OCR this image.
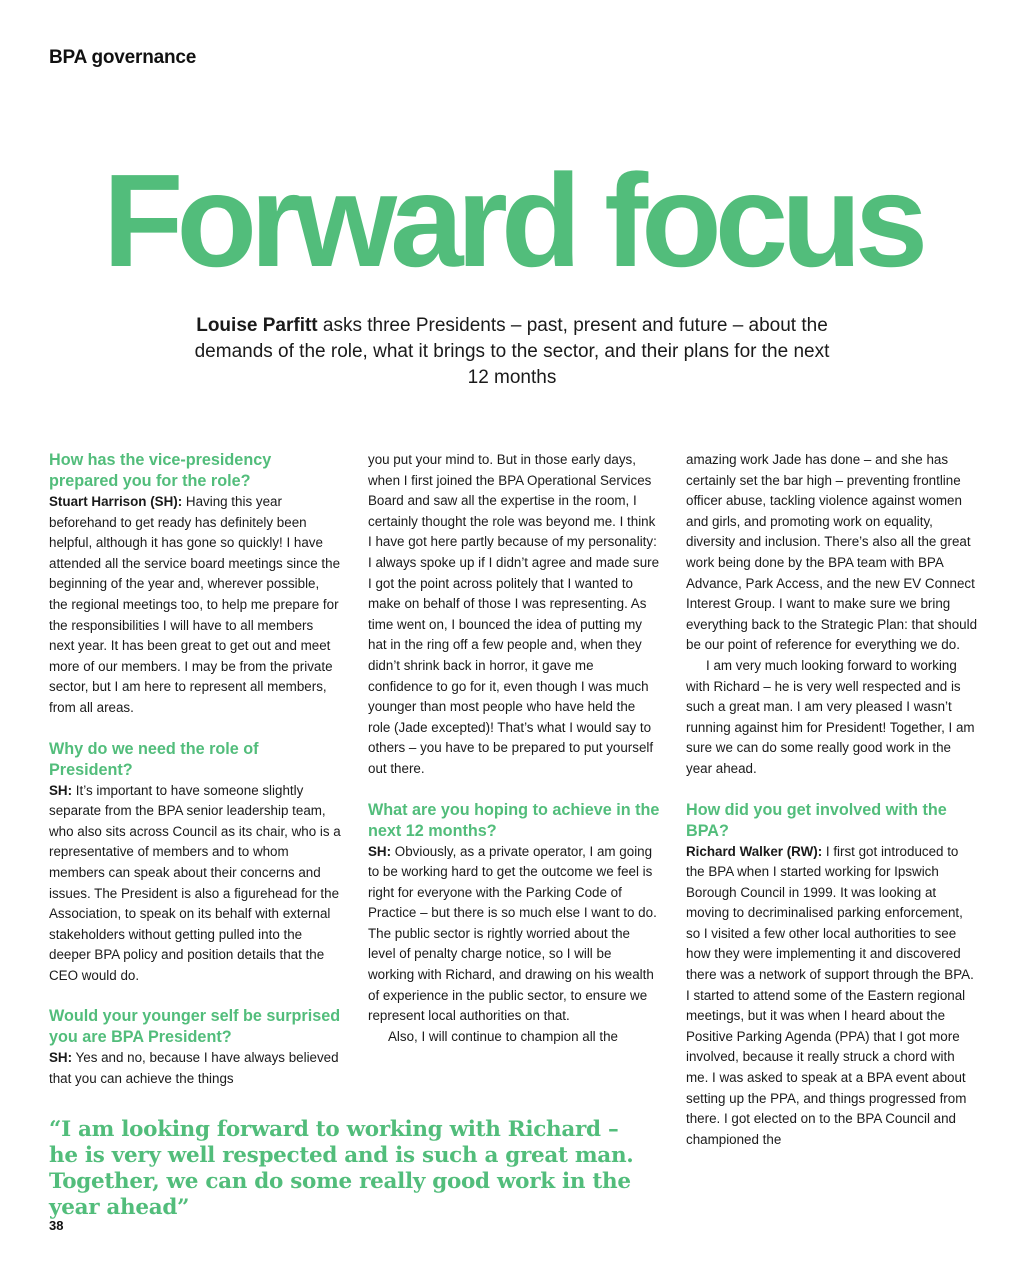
BPA governance
Forward focus
Louise Parfitt asks three Presidents – past, present and future – about the demands of the role, what it brings to the sector, and their plans for the next 12 months
How has the vice-presidency prepared you for the role?

Stuart Harrison (SH): Having this year beforehand to get ready has definitely been helpful, although it has gone so quickly! I have attended all the service board meetings since the beginning of the year and, wherever possible, the regional meetings too, to help me prepare for the responsibilities I will have to all members next year. It has been great to get out and meet more of our members. I may be from the private sector, but I am here to represent all members, from all areas.

Why do we need the role of President?

SH: It’s important to have someone slightly separate from the BPA senior leadership team, who also sits across Council as its chair, who is a representative of members and to whom members can speak about their concerns and issues. The President is also a figurehead for the Association, to speak on its behalf with external stakeholders without getting pulled into the deeper BPA policy and position details that the CEO would do.

Would your younger self be surprised you are BPA President?

SH: Yes and no, because I have always believed that you can achieve the things

you put your mind to. But in those early days, when I first joined the BPA Operational Services Board and saw all the expertise in the room, I certainly thought the role was beyond me. I think I have got here partly because of my personality: I always spoke up if I didn’t agree and made sure I got the point across politely that I wanted to make on behalf of those I was representing. As time went on, I bounced the idea of putting my hat in the ring off a few people and, when they didn’t shrink back in horror, it gave me confidence to go for it, even though I was much younger than most people who have held the role (Jade excepted)! That’s what I would say to others – you have to be prepared to put yourself out there.

What are you hoping to achieve in the next 12 months?

SH: Obviously, as a private operator, I am going to be working hard to get the outcome we feel is right for everyone with the Parking Code of Practice – but there is so much else I want to do. The public sector is rightly worried about the level of penalty charge notice, so I will be working with Richard, and drawing on his wealth of experience in the public sector, to ensure we represent local authorities on that.

Also, I will continue to champion all the

amazing work Jade has done – and she has certainly set the bar high – preventing frontline officer abuse, tackling violence against women and girls, and promoting work on equality, diversity and inclusion. There’s also all the great work being done by the BPA team with BPA Advance, Park Access, and the new EV Connect Interest Group. I want to make sure we bring everything back to the Strategic Plan: that should be our point of reference for everything we do.

I am very much looking forward to working with Richard – he is very well respected and is such a great man. I am very pleased I wasn’t running against him for President! Together, I am sure we can do some really good work in the year ahead.

How did you get involved with the BPA?

Richard Walker (RW): I first got introduced to the BPA when I started working for Ipswich Borough Council in 1999. It was looking at moving to decriminalised parking enforcement, so I visited a few other local authorities to see how they were implementing it and discovered there was a network of support through the BPA. I started to attend some of the Eastern regional meetings, but it was when I heard about the Positive Parking Agenda (PPA) that I got more involved, because it really struck a chord with me. I was asked to speak at a BPA event about setting up the PPA, and things progressed from there. I got elected on to the BPA Council and championed the

“I am looking forward to working with Richard – he is very well respected and is such a great man. Together, we can do some really good work in the year ahead”
38
